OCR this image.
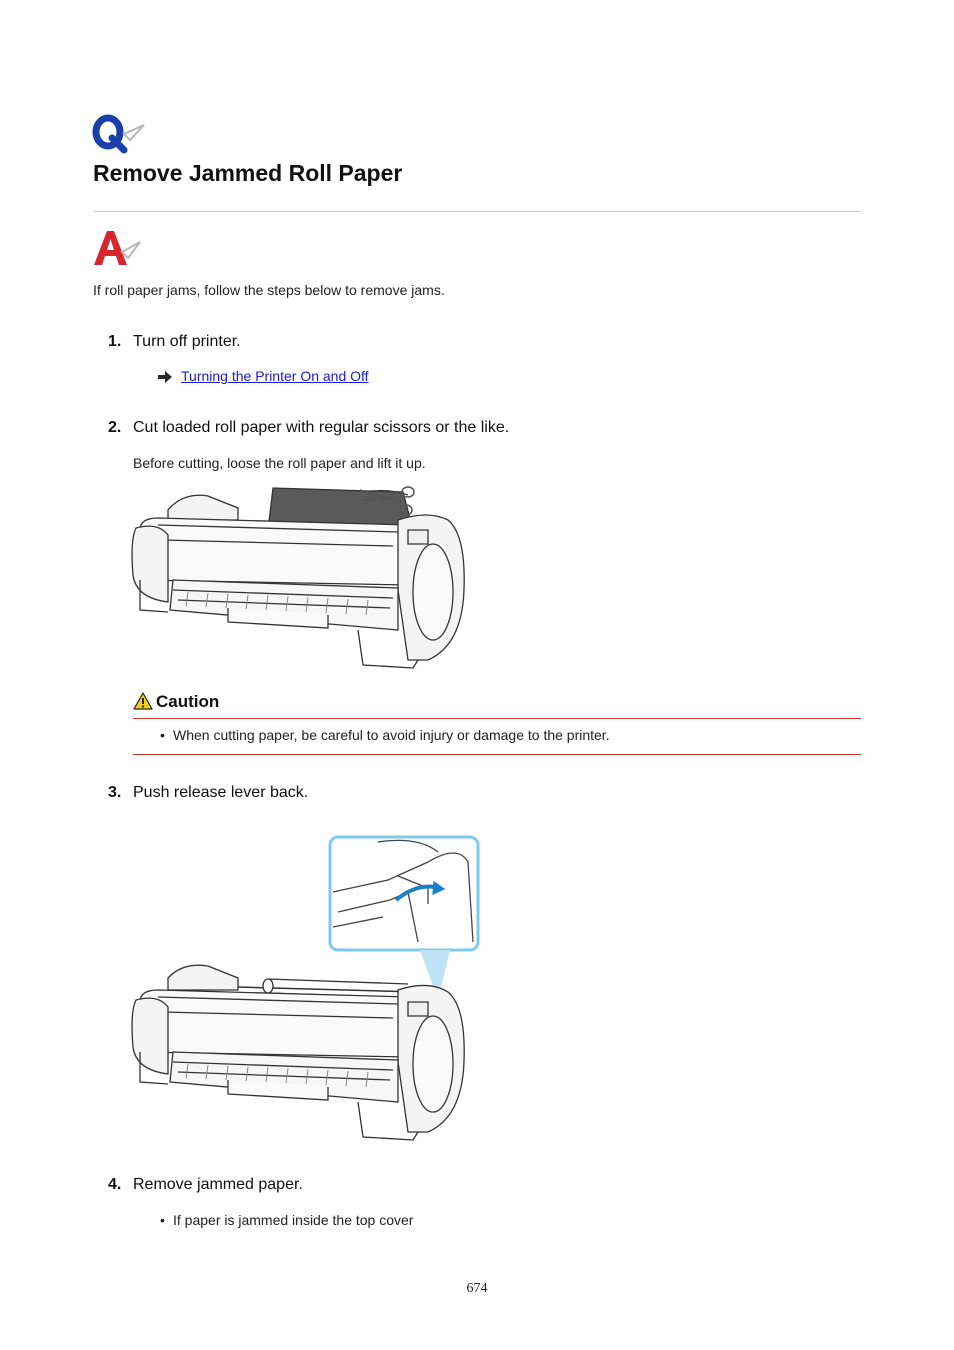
Remove Jammed Roll Paper
If roll paper jams, follow the steps below to remove jams.
1. Turn off printer.
Turning the Printer On and Off
2. Cut loaded roll paper with regular scissors or the like.
Before cutting, loose the roll paper and lift it up.
Caution
• When cutting paper, be careful to avoid injury or damage to the printer.
3. Push release lever back.
4. Remove jammed paper.
• If paper is jammed inside the top cover
674
